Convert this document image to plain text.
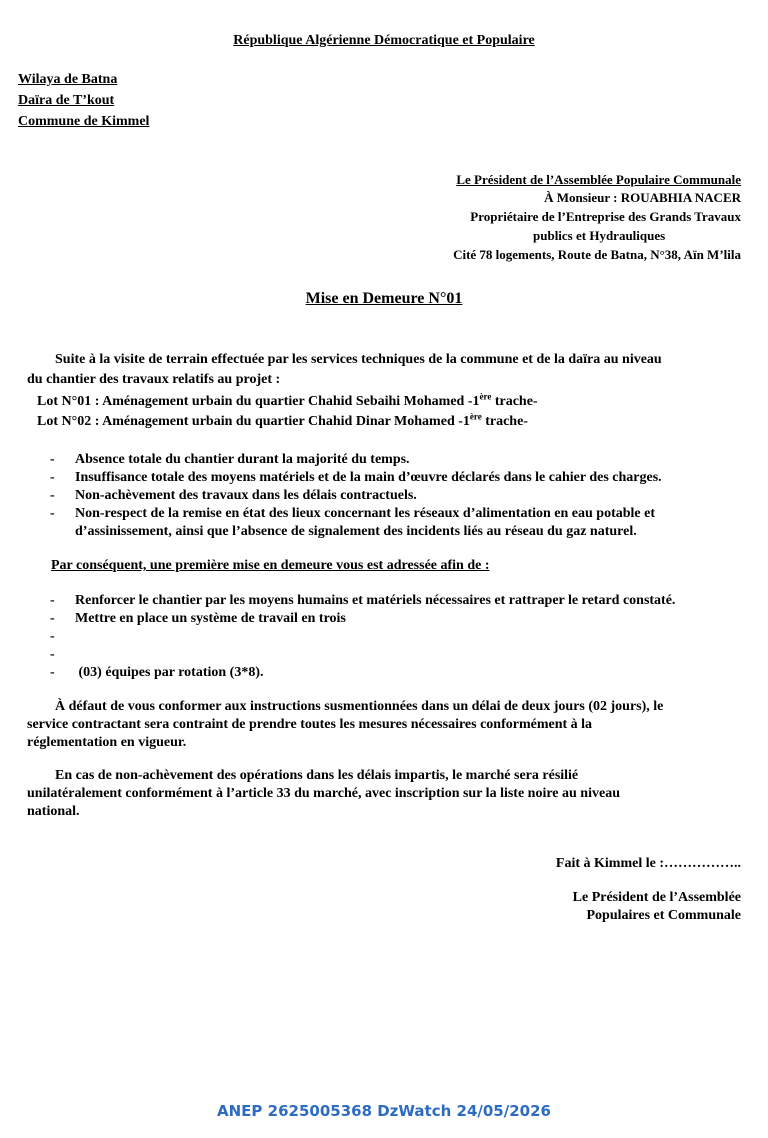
République Algérienne Démocratique et Populaire
Wilaya de Batna
Daïra de T’kout
Commune de Kimmel
Le Président de l’Assemblée Populaire Communale
À Monsieur : ROUABHIA NACER
Propriétaire de l’Entreprise des Grands Travaux
publics et Hydrauliques
Cité 78 logements, Route de Batna, N°38, Aïn M’lila
Mise en Demeure N°01
Suite à la visite de terrain effectuée par les services techniques de la commune et de la daïra au niveau
du chantier des travaux relatifs au projet :
Lot N°01 : Aménagement urbain du quartier Chahid Sebaihi Mohamed -1ère trache-
Lot N°02 : Aménagement urbain du quartier Chahid Dinar Mohamed -1ère trache-
- Absence totale du chantier durant la majorité du temps.
- Insuffisance totale des moyens matériels et de la main d’œuvre déclarés dans le cahier des charges.
- Non-achèvement des travaux dans les délais contractuels.
- Non-respect de la remise en état des lieux concernant les réseaux d’alimentation en eau potable et
d’assinissement, ainsi que l’absence de signalement des incidents liés au réseau du gaz naturel.
Par conséquent, une première mise en demeure vous est adressée afin de :
- Renforcer le chantier par les moyens humains et matériels nécessaires et rattraper le retard constaté.
- Mettre en place un système de travail en trois
-
-
- (03) équipes par rotation (3*8).
À défaut de vous conformer aux instructions susmentionnées dans un délai de deux jours (02 jours), le
service contractant sera contraint de prendre toutes les mesures nécessaires conformément à la
réglementation en vigueur.
En cas de non-achèvement des opérations dans les délais impartis, le marché sera résilié
unilatéralement conformément à l’article 33 du marché, avec inscription sur la liste noire au niveau
national.
Fait à Kimmel le :……………..
Le Président de l’Assemblée
Populaires et Communale
ANEP 2625005368 DzWatch 24/05/2026
